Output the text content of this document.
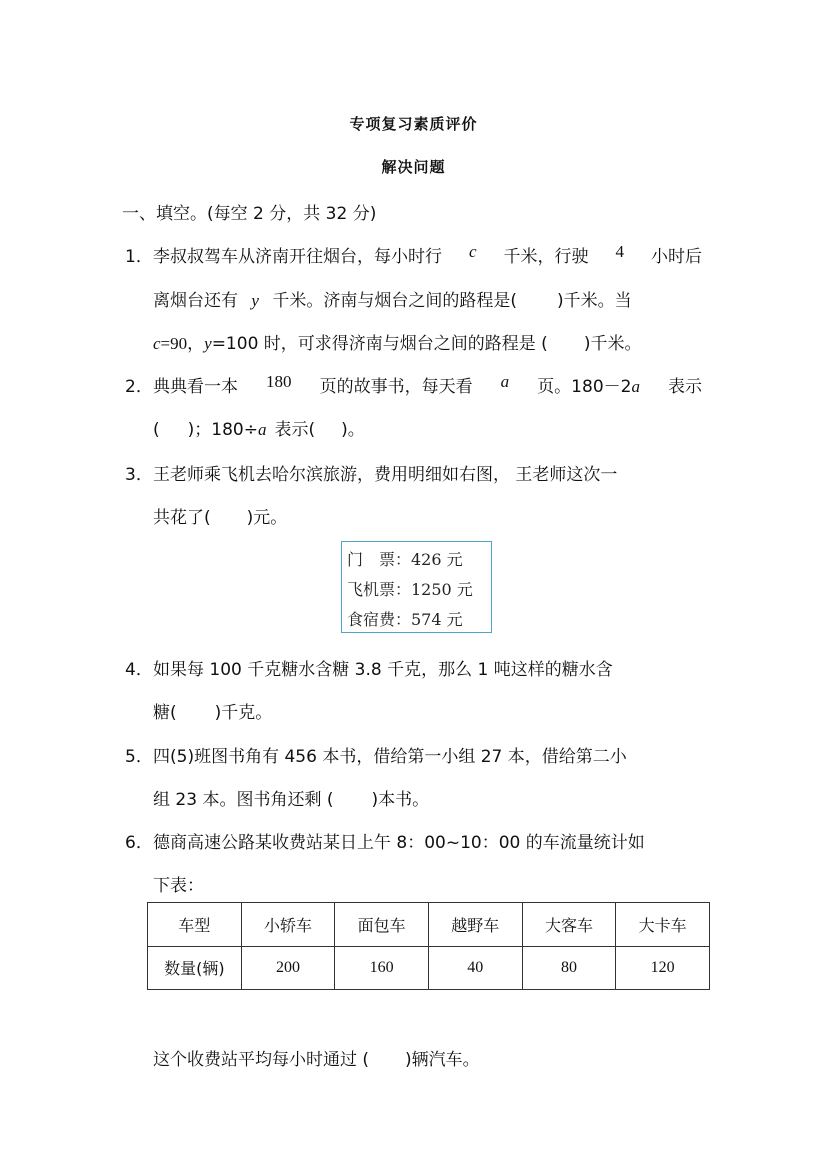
专项复习素质评价
解决问题
一、填空。(每空 2 分，共 32 分)
1． 李叔叔驾车从济南开往烟台，每小时行 c 千米，行驶 4 小时后
离烟台还有 y 千米。济南与烟台之间的路程是( )千米。当
c=90，y=100 时，可求得济南与烟台之间的路程是 ( )千米。
2． 典典看一本 180 页的故事书，每天看 a 页。180－2a 表示
( )；180÷a 表示( )。
3． 王老师乘飞机去哈尔滨旅游，费用明细如右图， 王老师这次一
共花了( )元。
门　票：426 元
飞机票：1250 元
食宿费：574 元
4． 如果每 100 千克糖水含糖 3.8 千克，那么 1 吨这样的糖水含
糖( )千克。
5． 四(5)班图书角有 456 本书，借给第一小组 27 本，借给第二小
组 23 本。图书角还剩 ( )本书。
6． 德商高速公路某收费站某日上午 8：00~10：00 的车流量统计如
下表：
车型	小轿车	面包车	越野车	大客车	大卡车
数量(辆)	200	160	40	80	120
这个收费站平均每小时通过 ( )辆汽车。
